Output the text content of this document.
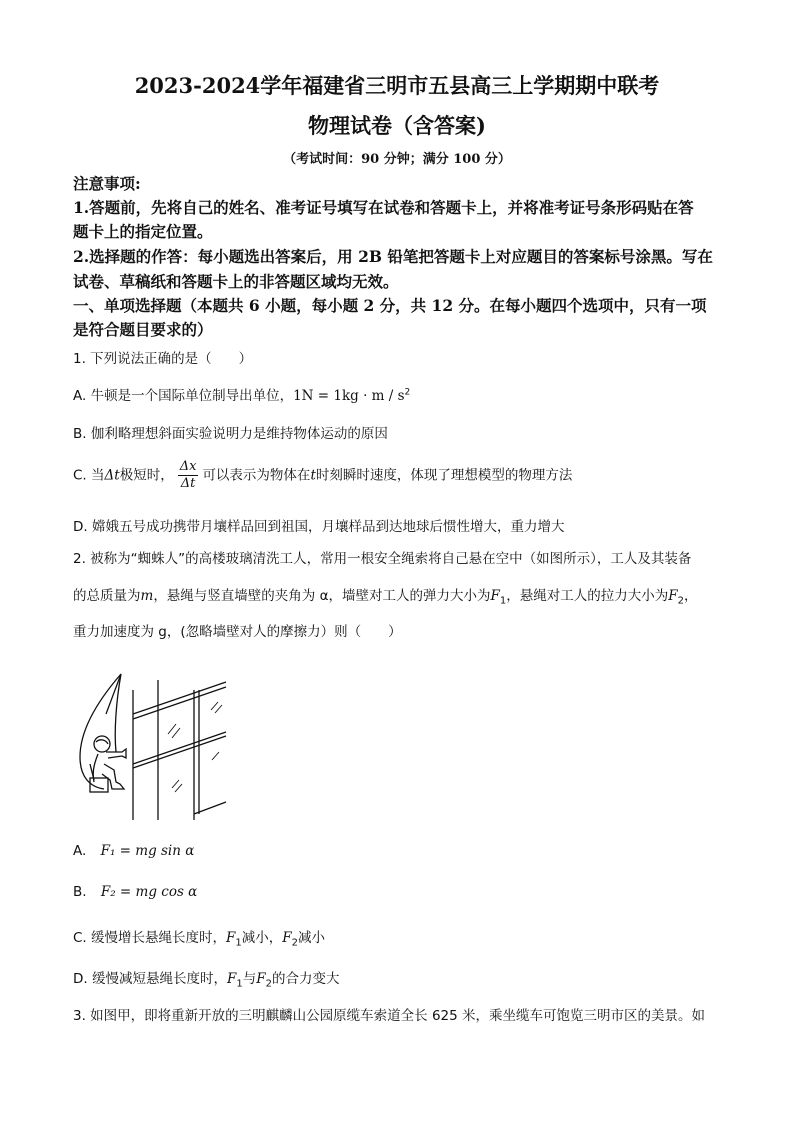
2023-2024学年福建省三明市五县高三上学期期中联考
物理试卷（含答案)
（考试时间：90 分钟；满分 100 分）
注意事项:
1.答题前，先将自己的姓名、准考证号填写在试卷和答题卡上，并将准考证号条形码贴在答
题卡上的指定位置。
2.选择题的作答：每小题选出答案后，用 2B 铅笔把答题卡上对应题目的答案标号涂黑。写在
试卷、草稿纸和答题卡上的非答题区域均无效。
一、单项选择题（本题共 6 小题，每小题 2 分，共 12 分。在每小题四个选项中，只有一项
是符合题目要求的）
1. 下列说法正确的是（　　）
A. 牛顿是一个国际单位制导出单位，$1N = 1kg \cdot m / s^2$
B. 伽利略理想斜面实验说明力是维持物体运动的原因
C. 当Δt极短时， $\frac{\Delta x}{\Delta t}$ 可以表示为物体在t时刻瞬时速度，体现了理想模型的物理方法
D. 嫦娥五号成功携带月壤样品回到祖国，月壤样品到达地球后惯性增大，重力增大
2. 被称为“蜘蛛人”的高楼玻璃清洗工人，常用一根安全绳索将自己悬在空中（如图所示），工人及其装备
的总质量为m，悬绳与竖直墙壁的夹角为 α，墙壁对工人的弹力大小为$F_1$，悬绳对工人的拉力大小为$F_2$，
重力加速度为 g，(忽略墙壁对人的摩擦力）则（　　）
A. F₁ = mg sin α
B. F₂ = mg cos α
C. 缓慢增长悬绳长度时，$F_1$减小，$F_2$减小
D. 缓慢减短悬绳长度时，$F_1$与$F_2$的合力变大
3. 如图甲，即将重新开放的三明麒麟山公园原缆车索道全长 625 米，乘坐缆车可饱览三明市区的美景。如
